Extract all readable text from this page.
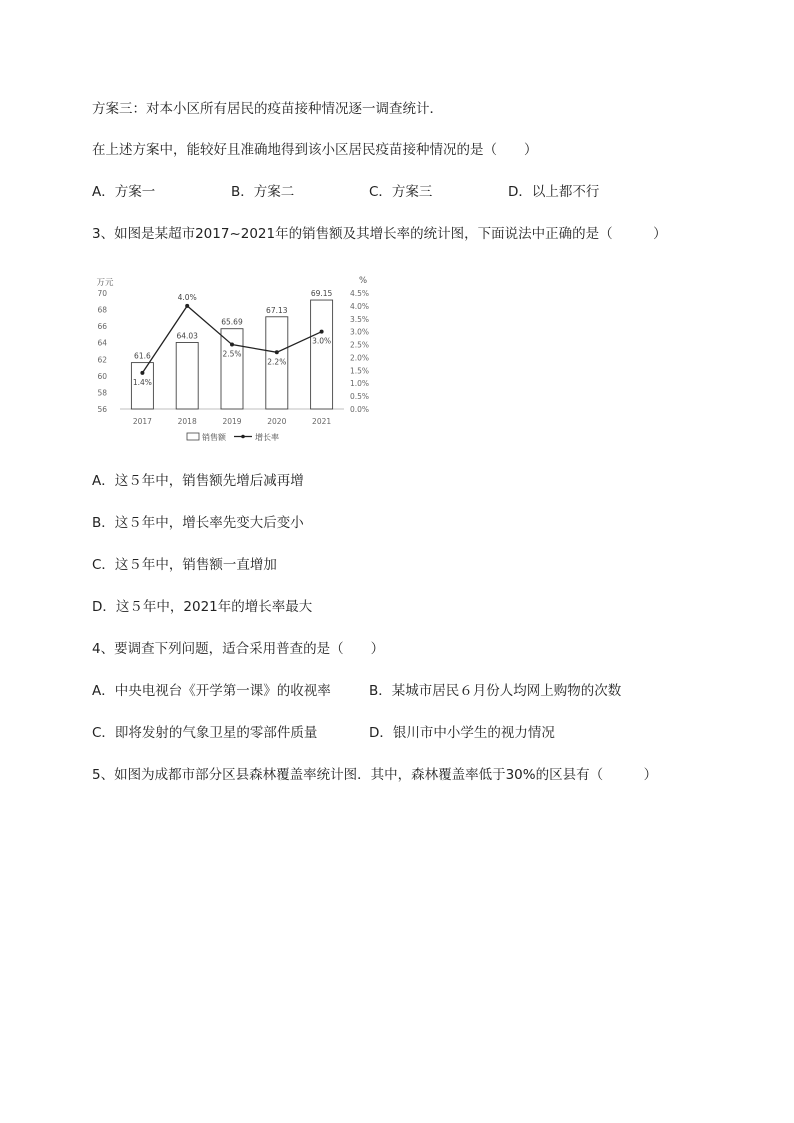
方案三：对本小区所有居民的疫苗接种情况逐一调查统计．
在上述方案中，能较好且准确地得到该小区居民疫苗接种情况的是（　　）
A．方案一	B．方案二	C．方案三	D．以上都不行
3、如图是某超市2017~2021年的销售额及其增长率的统计图，下面说法中正确的是（　　　）
万元	%
56
58
60
62
64
66
68
70
0.0%
0.5%
1.0%
1.5%
2.0%
2.5%
3.0%
3.5%
4.0%
4.5%
2017	2018	2019	2020	2021
61.6
64.03
65.69
67.13
69.15
1.4%
4.0%
2.5%
2.2%
3.0%
销售额	增长率
A．这５年中，销售额先增后减再增
B．这５年中，增长率先变大后变小
C．这５年中，销售额一直增加
D．这５年中，2021年的增长率最大
4、要调查下列问题，适合采用普查的是（　　）
A．中央电视台《开学第一课》的收视率	B．某城市居民６月份人均网上购物的次数
C．即将发射的气象卫星的零部件质量	D．银川市中小学生的视力情况
5、如图为成都市部分区县森林覆盖率统计图．其中，森林覆盖率低于30%的区县有（　　　）
